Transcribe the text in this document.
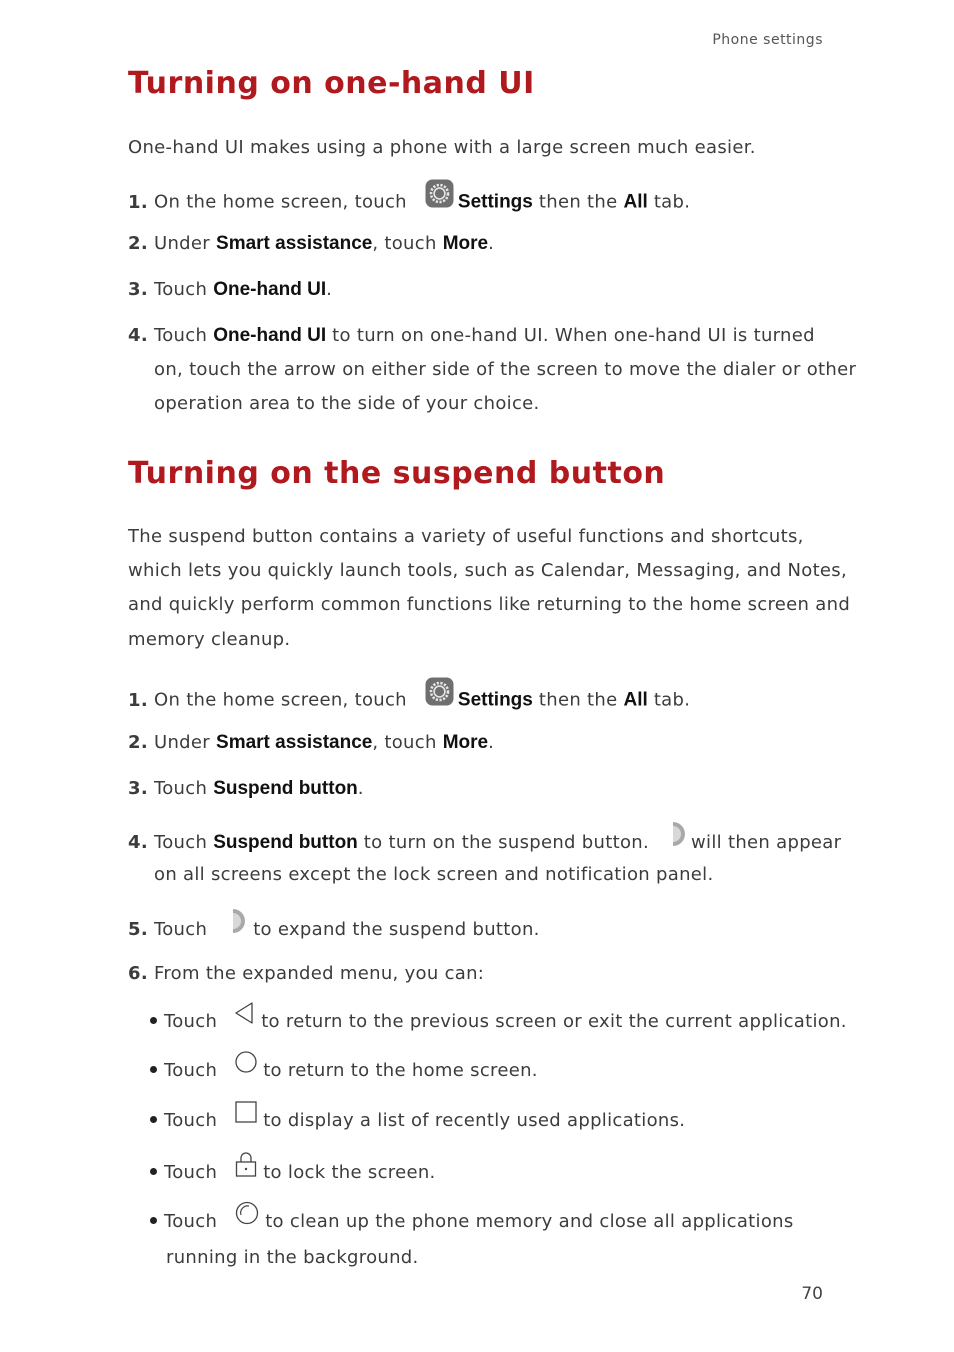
Phone settings
Turning on one-hand UI
One-hand UI makes using a phone with a large screen much easier.
1. On the home screen, touch	Settings then the All tab.
2. Under Smart assistance, touch More.
3. Touch One-hand UI.
4. Touch One-hand UI to turn on one-hand UI. When one-hand UI is turned
on, touch the arrow on either side of the screen to move the dialer or other
operation area to the side of your choice.
Turning on the suspend button
The suspend button contains a variety of useful functions and shortcuts,
which lets you quickly launch tools, such as Calendar, Messaging, and Notes,
and quickly perform common functions like returning to the home screen and
memory cleanup.
1. On the home screen, touch	Settings then the All tab.
2. Under Smart assistance, touch More.
3. Touch Suspend button.
4. Touch Suspend button to turn on the suspend button. will then appear
on all screens except the lock screen and notification panel.
5. Touch	to expand the suspend button.
6. From the expanded menu, you can:
Touch to return to the previous screen or exit the current application.
Touch	to return to the home screen.
Touch	to display a list of recently used applications.
Touch	to lock the screen.
Touch	to clean up the phone memory and close all applications
running in the background.
70
